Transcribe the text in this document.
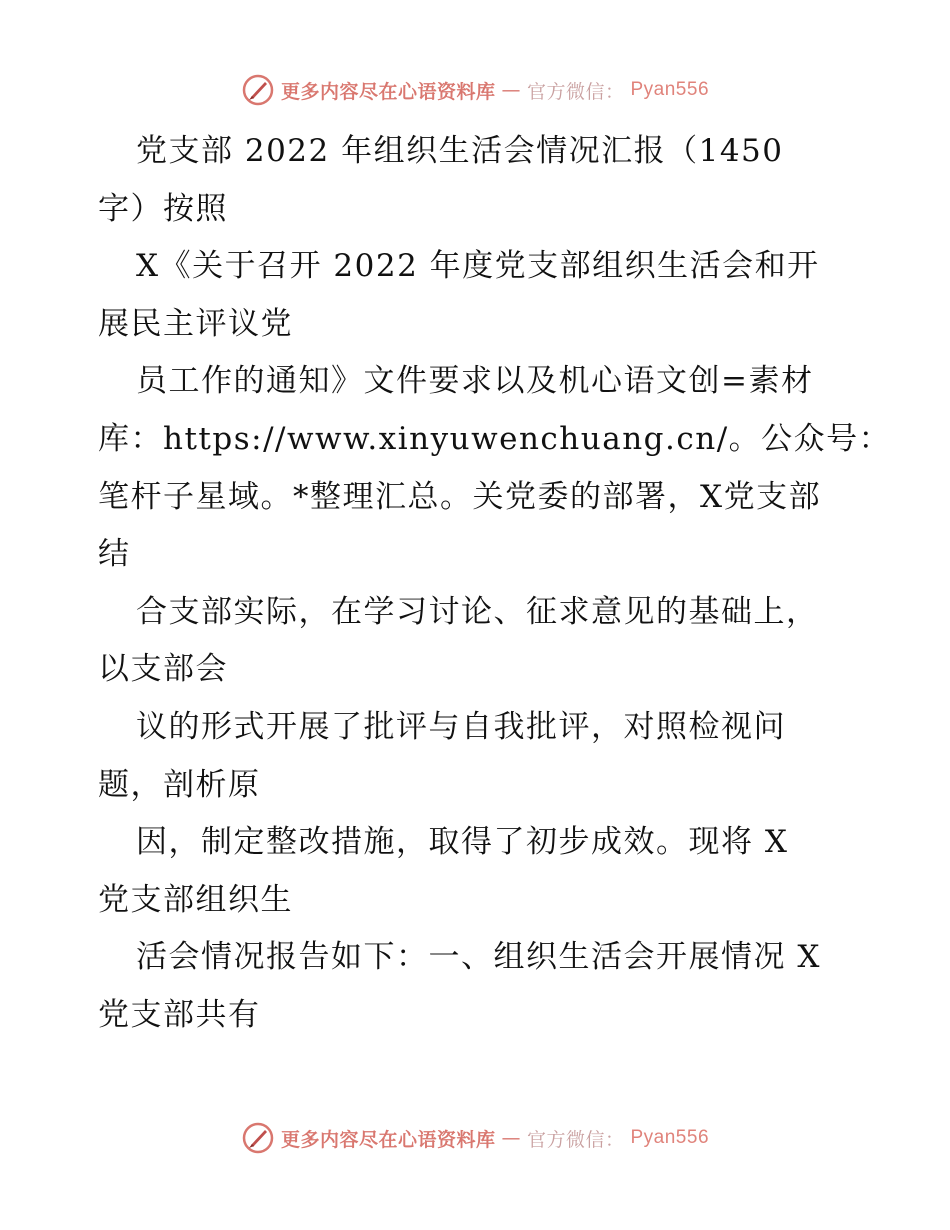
更多内容尽在心语资料库 — 官方微信： Pyan556
党支部 2022 年组织生活会情况汇报（1450
字）按照
X《关于召开 2022 年度党支部组织生活会和开
展民主评议党
员工作的通知》文件要求以及机心语文创=素材
库：https://www.xinyuwenchuang.cn/。公众号：
笔杆子星域。*整理汇总。关党委的部署，X党支部
结
合支部实际，在学习讨论、征求意见的基础上，
以支部会
议的形式开展了批评与自我批评，对照检视问
题，剖析原
因，制定整改措施，取得了初步成效。现将 X
党支部组织生
活会情况报告如下：一、组织生活会开展情况 X
党支部共有
更多内容尽在心语资料库 — 官方微信： Pyan556
